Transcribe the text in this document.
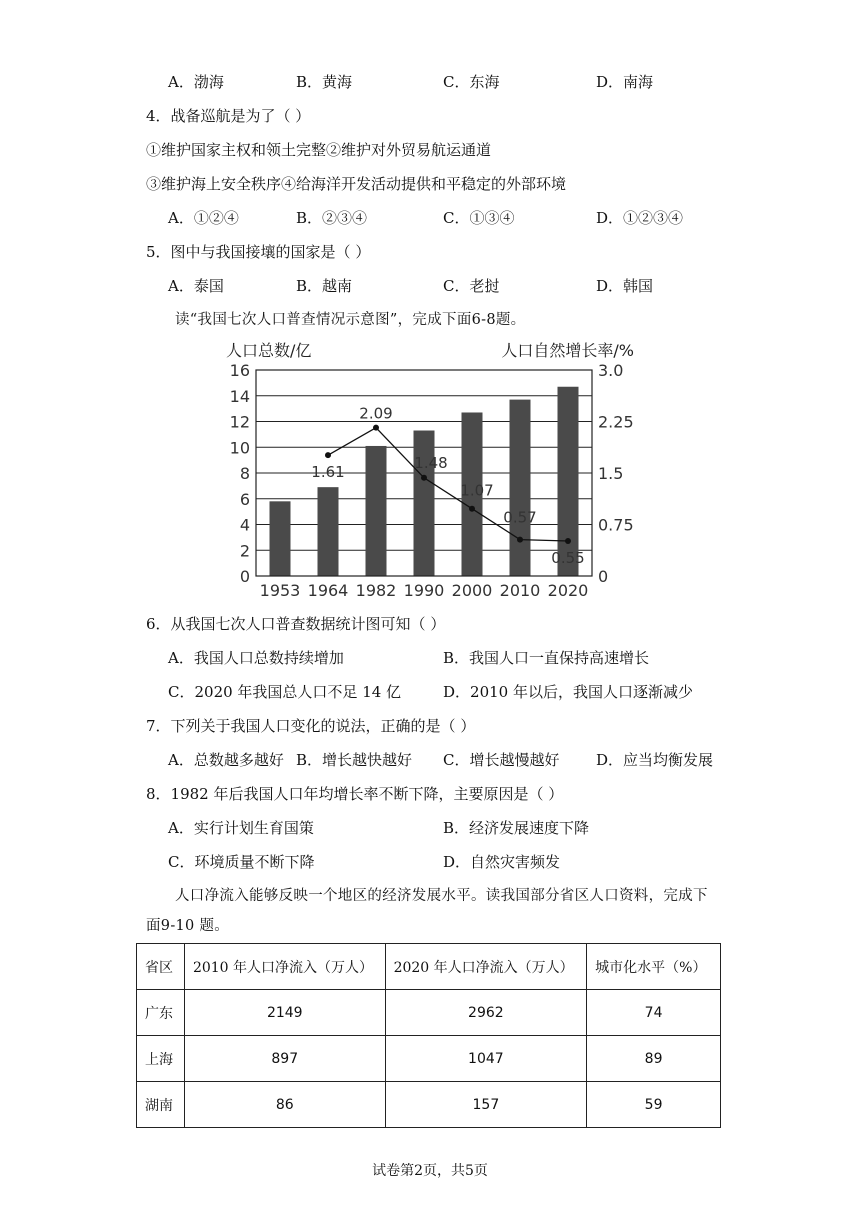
A．渤海	B．黄海	C．东海	D．南海
4．战备巡航是为了（ ）
①维护国家主权和领土完整②维护对外贸易航运通道
③维护海上安全秩序④给海洋开发活动提供和平稳定的外部环境
A．①②④	B．②③④	C．①③④	D．①②③④
5．图中与我国接壤的国家是（ ）
A．泰国	B．越南	C．老挝	D．韩国
读“我国七次人口普查情况示意图”，完成下面6-8题。
1.61
2.09
1.48
1.07
0.57
0.55
0
2
4
6
8
10
12
14
16
0
0.75
1.5
2.25
3.0
1953 1964 1982 1990 2000 2010 2020
人口总数/亿	人口自然增长率/%
6．从我国七次人口普查数据统计图可知（ ）
A．我国人口总数持续增加	B．我国人口一直保持高速增长
C．2020 年我国总人口不足 14 亿	D．2010 年以后，我国人口逐渐减少
7．下列关于我国人口变化的说法，正确的是（ ）
A．总数越多越好 B．增长越快越好 C．增长越慢越好 D．应当均衡发展
8．1982 年后我国人口年均增长率不断下降，主要原因是（ ）
A．实行计划生育国策	B．经济发展速度下降
C．环境质量不断下降	D．自然灾害频发
人口净流入能够反映一个地区的经济发展水平。读我国部分省区人口资料，完成下
面9-10 题。
省区	2010 年人口净流入（万人）	2020 年人口净流入（万人）	城市化水平（%）
广东	2149	2962	74
上海	897	1047	89
湖南	86	157	59
试卷第2页，共5页
